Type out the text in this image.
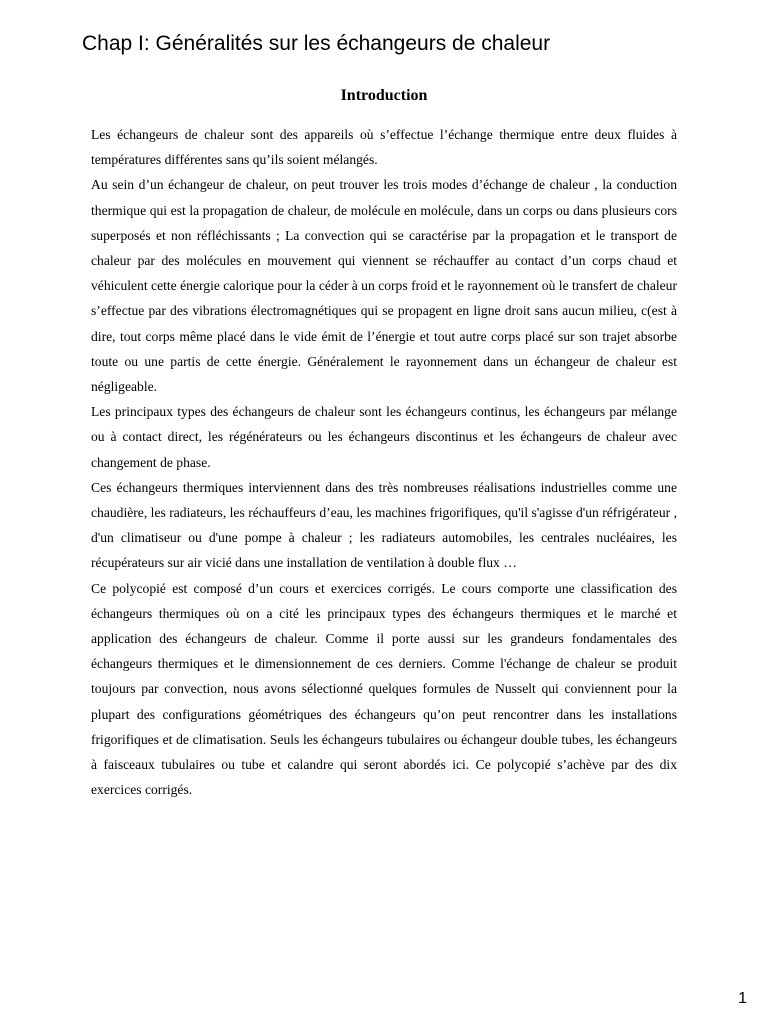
Chap I: Généralités sur les échangeurs de chaleur
Introduction

Les échangeurs de chaleur sont des appareils où s’effectue l’échange thermique entre deux fluides à températures différentes sans qu’ils soient mélangés.

Au sein d’un échangeur de chaleur, on peut trouver les trois modes d’échange de chaleur , la conduction thermique qui est la propagation de chaleur, de molécule en molécule, dans un corps ou dans plusieurs cors superposés et non réfléchissants ; La convection qui se caractérise par la propagation et le transport de chaleur par des molécules en mouvement qui viennent se réchauffer au contact d’un corps chaud et véhiculent cette énergie calorique pour la céder à un corps froid et le rayonnement où le transfert de chaleur s’effectue par des vibrations électromagnétiques qui se propagent en ligne droit sans aucun milieu, c(est à dire, tout corps même placé dans le vide émit de l’énergie et tout autre corps placé sur son trajet absorbe toute ou une partis de cette énergie. Généralement le rayonnement dans un échangeur de chaleur est négligeable.

Les principaux types des échangeurs de chaleur sont les échangeurs continus, les échangeurs par mélange ou à contact direct, les régénérateurs ou les échangeurs discontinus et les échangeurs de chaleur avec changement de phase.

Ces échangeurs thermiques interviennent dans des très nombreuses réalisations industrielles comme une chaudière, les radiateurs, les réchauffeurs d’eau, les machines frigorifiques, qu'il s'agisse d'un réfrigérateur , d'un climatiseur ou d'une pompe à chaleur ; les radiateurs automobiles, les centrales nucléaires, les récupérateurs sur air vicié dans une installation de ventilation à double flux …

Ce polycopié est composé d’un cours et exercices corrigés. Le cours comporte une classification des échangeurs thermiques où on a cité les principaux types des échangeurs thermiques et le marché et application des échangeurs de chaleur. Comme il porte aussi sur les grandeurs fondamentales des échangeurs thermiques et le dimensionnement de ces derniers. Comme l'échange de chaleur se produit toujours par convection, nous avons sélectionné quelques formules de Nusselt qui conviennent pour la plupart des configurations géométriques des échangeurs qu’on peut rencontrer dans les installations frigorifiques et de climatisation. Seuls les échangeurs tubulaires ou échangeur double tubes, les échangeurs à faisceaux tubulaires ou tube et calandre qui seront abordés ici. Ce polycopié s’achève par des dix exercices corrigés.

1
